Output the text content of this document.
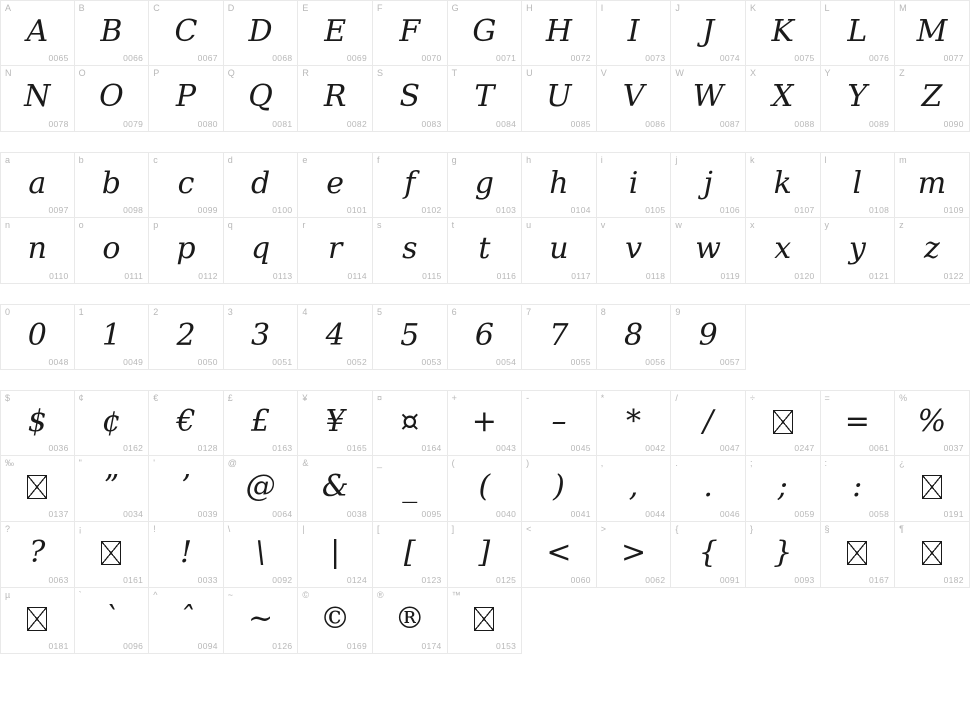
A
A
0065
B
B
0066
C
C
0067
D
D
0068
E
E
0069
F
F
0070
G
G
0071
H
H
0072
I
I
0073
J
J
0074
K
K
0075
L
L
0076
M
M
0077
N
N
0078
O
O
0079
P
P
0080
Q
Q
0081
R
R
0082
S
S
0083
T
T
0084
U
U
0085
V
V
0086
W
W
0087
X
X
0088
Y
Y
0089
Z
Z
0090
a
a
0097
b
b
0098
c
c
0099
d
d
0100
e
e
0101
f
f
0102
g
g
0103
h
h
0104
i
i
0105
j
j
0106
k
k
0107
l
l
0108
m
m
0109
n
n
0110
o
o
0111
p
p
0112
q
q
0113
r
r
0114
s
s
0115
t
t
0116
u
u
0117
v
v
0118
w
w
0119
x
x
0120
y
y
0121
z
z
0122
0
0
0048
1
1
0049
2
2
0050
3
3
0051
4
4
0052
5
5
0053
6
6
0054
7
7
0055
8
8
0056
9
9
0057
$
$
0036
¢
¢
0162
€
€
0128
£
£
0163
¥
¥
0165
¤
¤
0164
+
+
0043
-
–
0045
*
*
0042
/
/
0047
÷
0247
=
=
0061
%
%
0037
‰
0137
"
”
0034
'
’
0039
@
@
0064
&
&
0038
_
_
0095
(
(
0040
)
)
0041
,
,
0044
.
.
0046
;
;
0059
:
:
0058
¿
0191
?
?
0063
¡
0161
!
!
0033
\
\
0092
|
|
0124
[
[
0123
]
]
0125
<
<
0060
>
>
0062
{
{
0091
}
}
0093
§
0167
¶
0182
µ
0181
`
`
0096
^
ˆ
0094
~
~
0126
©
©
0169
®
®
0174
™
0153
